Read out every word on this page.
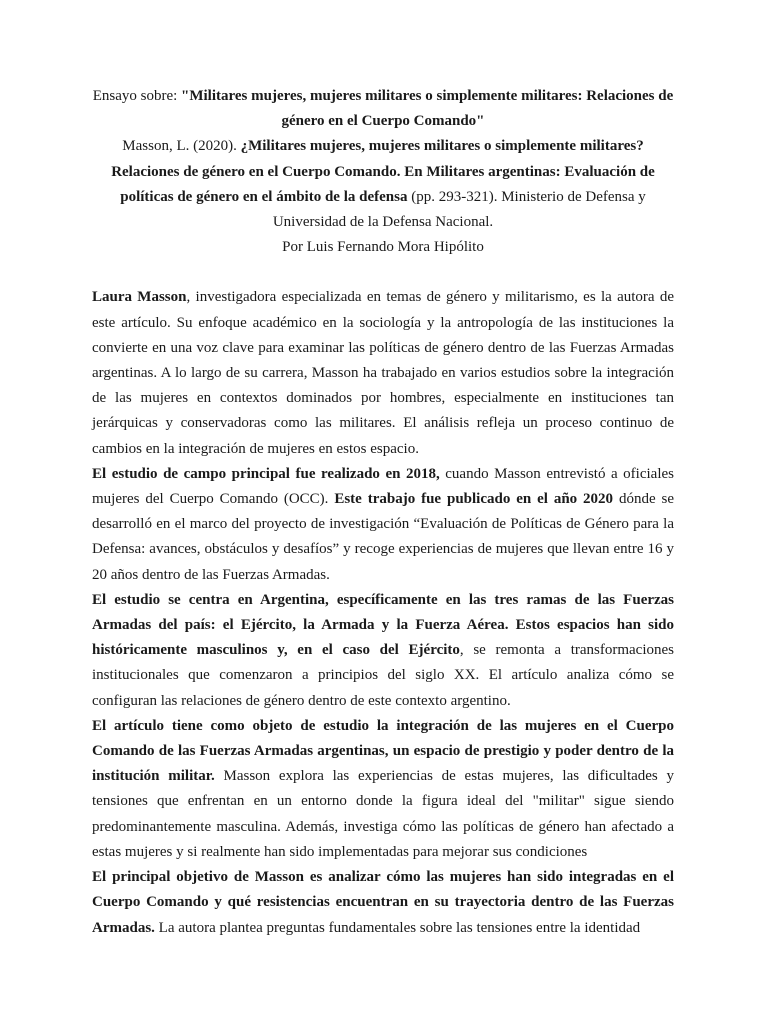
Ensayo sobre: "Militares mujeres, mujeres militares o simplemente militares: Relaciones de género en el Cuerpo Comando"

Masson, L. (2020). ¿Militares mujeres, mujeres militares o simplemente militares? Relaciones de género en el Cuerpo Comando. En Militares argentinas: Evaluación de políticas de género en el ámbito de la defensa (pp. 293-321). Ministerio de Defensa y Universidad de la Defensa Nacional.

Por Luis Fernando Mora Hipólito

Laura Masson, investigadora especializada en temas de género y militarismo, es la autora de este artículo. Su enfoque académico en la sociología y la antropología de las instituciones la convierte en una voz clave para examinar las políticas de género dentro de las Fuerzas Armadas argentinas. A lo largo de su carrera, Masson ha trabajado en varios estudios sobre la integración de las mujeres en contextos dominados por hombres, especialmente en instituciones tan jerárquicas y conservadoras como las militares. El análisis refleja un proceso continuo de cambios en la integración de mujeres en estos espacio.

El estudio de campo principal fue realizado en 2018, cuando Masson entrevistó a oficiales mujeres del Cuerpo Comando (OCC). Este trabajo fue publicado en el año 2020 dónde se desarrolló en el marco del proyecto de investigación “Evaluación de Políticas de Género para la Defensa: avances, obstáculos y desafíos” y recoge experiencias de mujeres que llevan entre 16 y 20 años dentro de las Fuerzas Armadas.

El estudio se centra en Argentina, específicamente en las tres ramas de las Fuerzas Armadas del país: el Ejército, la Armada y la Fuerza Aérea. Estos espacios han sido históricamente masculinos y, en el caso del Ejército, se remonta a transformaciones institucionales que comenzaron a principios del siglo XX. El artículo analiza cómo se configuran las relaciones de género dentro de este contexto argentino.

El artículo tiene como objeto de estudio la integración de las mujeres en el Cuerpo Comando de las Fuerzas Armadas argentinas, un espacio de prestigio y poder dentro de la institución militar. Masson explora las experiencias de estas mujeres, las dificultades y tensiones que enfrentan en un entorno donde la figura ideal del "militar" sigue siendo predominantemente masculina. Además, investiga cómo las políticas de género han afectado a estas mujeres y si realmente han sido implementadas para mejorar sus condiciones

El principal objetivo de Masson es analizar cómo las mujeres han sido integradas en el Cuerpo Comando y qué resistencias encuentran en su trayectoria dentro de las Fuerzas Armadas. La autora plantea preguntas fundamentales sobre las tensiones entre la identidad
